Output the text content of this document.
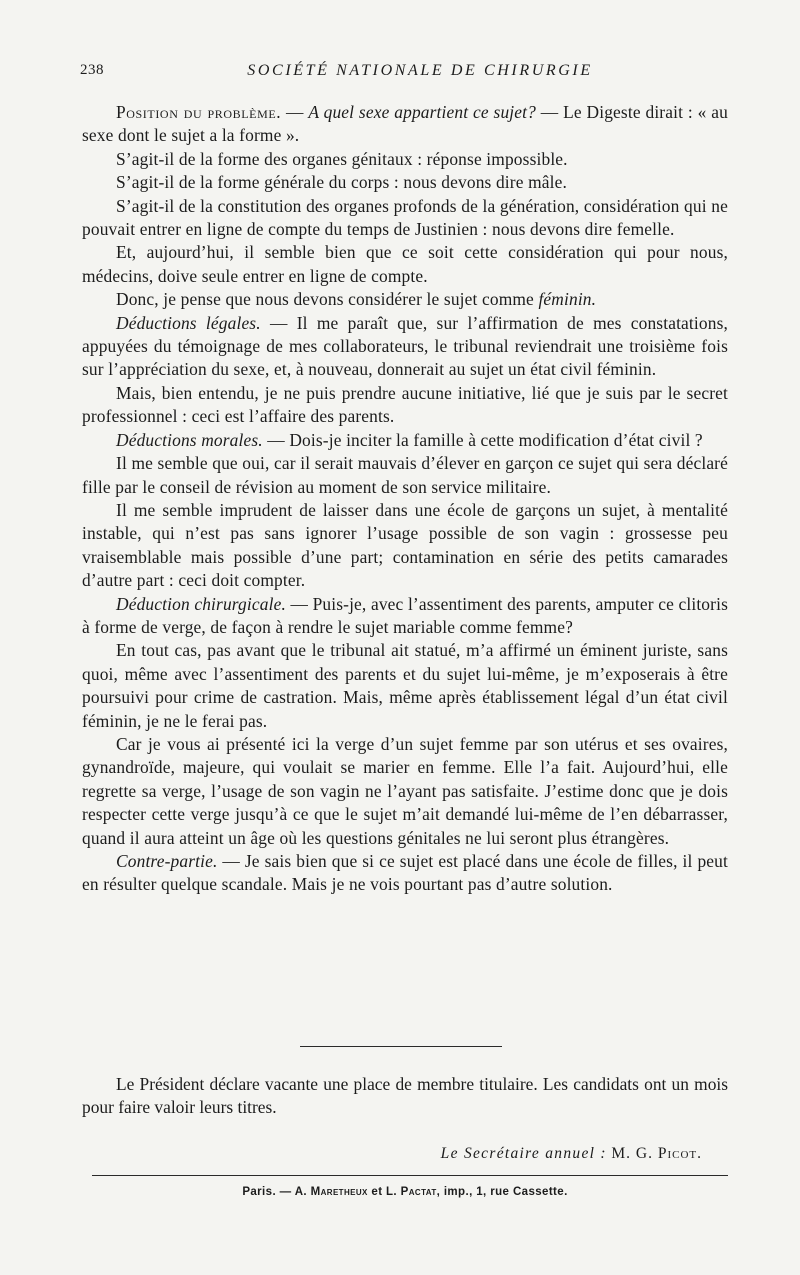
238	SOCIÉTÉ NATIONALE DE CHIRURGIE

Position du problème. — A quel sexe appartient ce sujet? — Le Digeste dirait : « au sexe dont le sujet a la forme ».

S’agit-il de la forme des organes génitaux : réponse impossible.

S’agit-il de la forme générale du corps : nous devons dire mâle.

S’agit-il de la constitution des organes profonds de la génération, considération qui ne pouvait entrer en ligne de compte du temps de Justinien : nous devons dire femelle.

Et, aujourd’hui, il semble bien que ce soit cette considération qui pour nous, médecins, doive seule entrer en ligne de compte.

Donc, je pense que nous devons considérer le sujet comme féminin.

Déductions légales. — Il me paraît que, sur l’affirmation de mes constatations, appuyées du témoignage de mes collaborateurs, le tribunal reviendrait une troisième fois sur l’appréciation du sexe, et, à nouveau, donnerait au sujet un état civil féminin.

Mais, bien entendu, je ne puis prendre aucune initiative, lié que je suis par le secret professionnel : ceci est l’affaire des parents.

Déductions morales. — Dois-je inciter la famille à cette modification d’état civil ?

Il me semble que oui, car il serait mauvais d’élever en garçon ce sujet qui sera déclaré fille par le conseil de révision au moment de son service militaire.

Il me semble imprudent de laisser dans une école de garçons un sujet, à mentalité instable, qui n’est pas sans ignorer l’usage possible de son vagin : grossesse peu vraisemblable mais possible d’une part; contamination en série des petits camarades d’autre part : ceci doit compter.

Déduction chirurgicale. — Puis-je, avec l’assentiment des parents, amputer ce clitoris à forme de verge, de façon à rendre le sujet mariable comme femme?

En tout cas, pas avant que le tribunal ait statué, m’a affirmé un éminent juriste, sans quoi, même avec l’assentiment des parents et du sujet lui-même, je m’exposerais à être poursuivi pour crime de castration. Mais, même après établissement légal d’un état civil féminin, je ne le ferai pas.

Car je vous ai présenté ici la verge d’un sujet femme par son utérus et ses ovaires, gynandroïde, majeure, qui voulait se marier en femme. Elle l’a fait. Aujourd’hui, elle regrette sa verge, l’usage de son vagin ne l’ayant pas satisfaite. J’estime donc que je dois respecter cette verge jusqu’à ce que le sujet m’ait demandé lui-même de l’en débarrasser, quand il aura atteint un âge où les questions génitales ne lui seront plus étrangères.

Contre-partie. — Je sais bien que si ce sujet est placé dans une école de filles, il peut en résulter quelque scandale. Mais je ne vois pourtant pas d’autre solution.

Le Président déclare vacante une place de membre titulaire. Les candidats ont un mois pour faire valoir leurs titres.

Le Secrétaire annuel : M. G. Picot.
Paris. — A. Maretheux et L. Pactat, imp., 1, rue Cassette.
